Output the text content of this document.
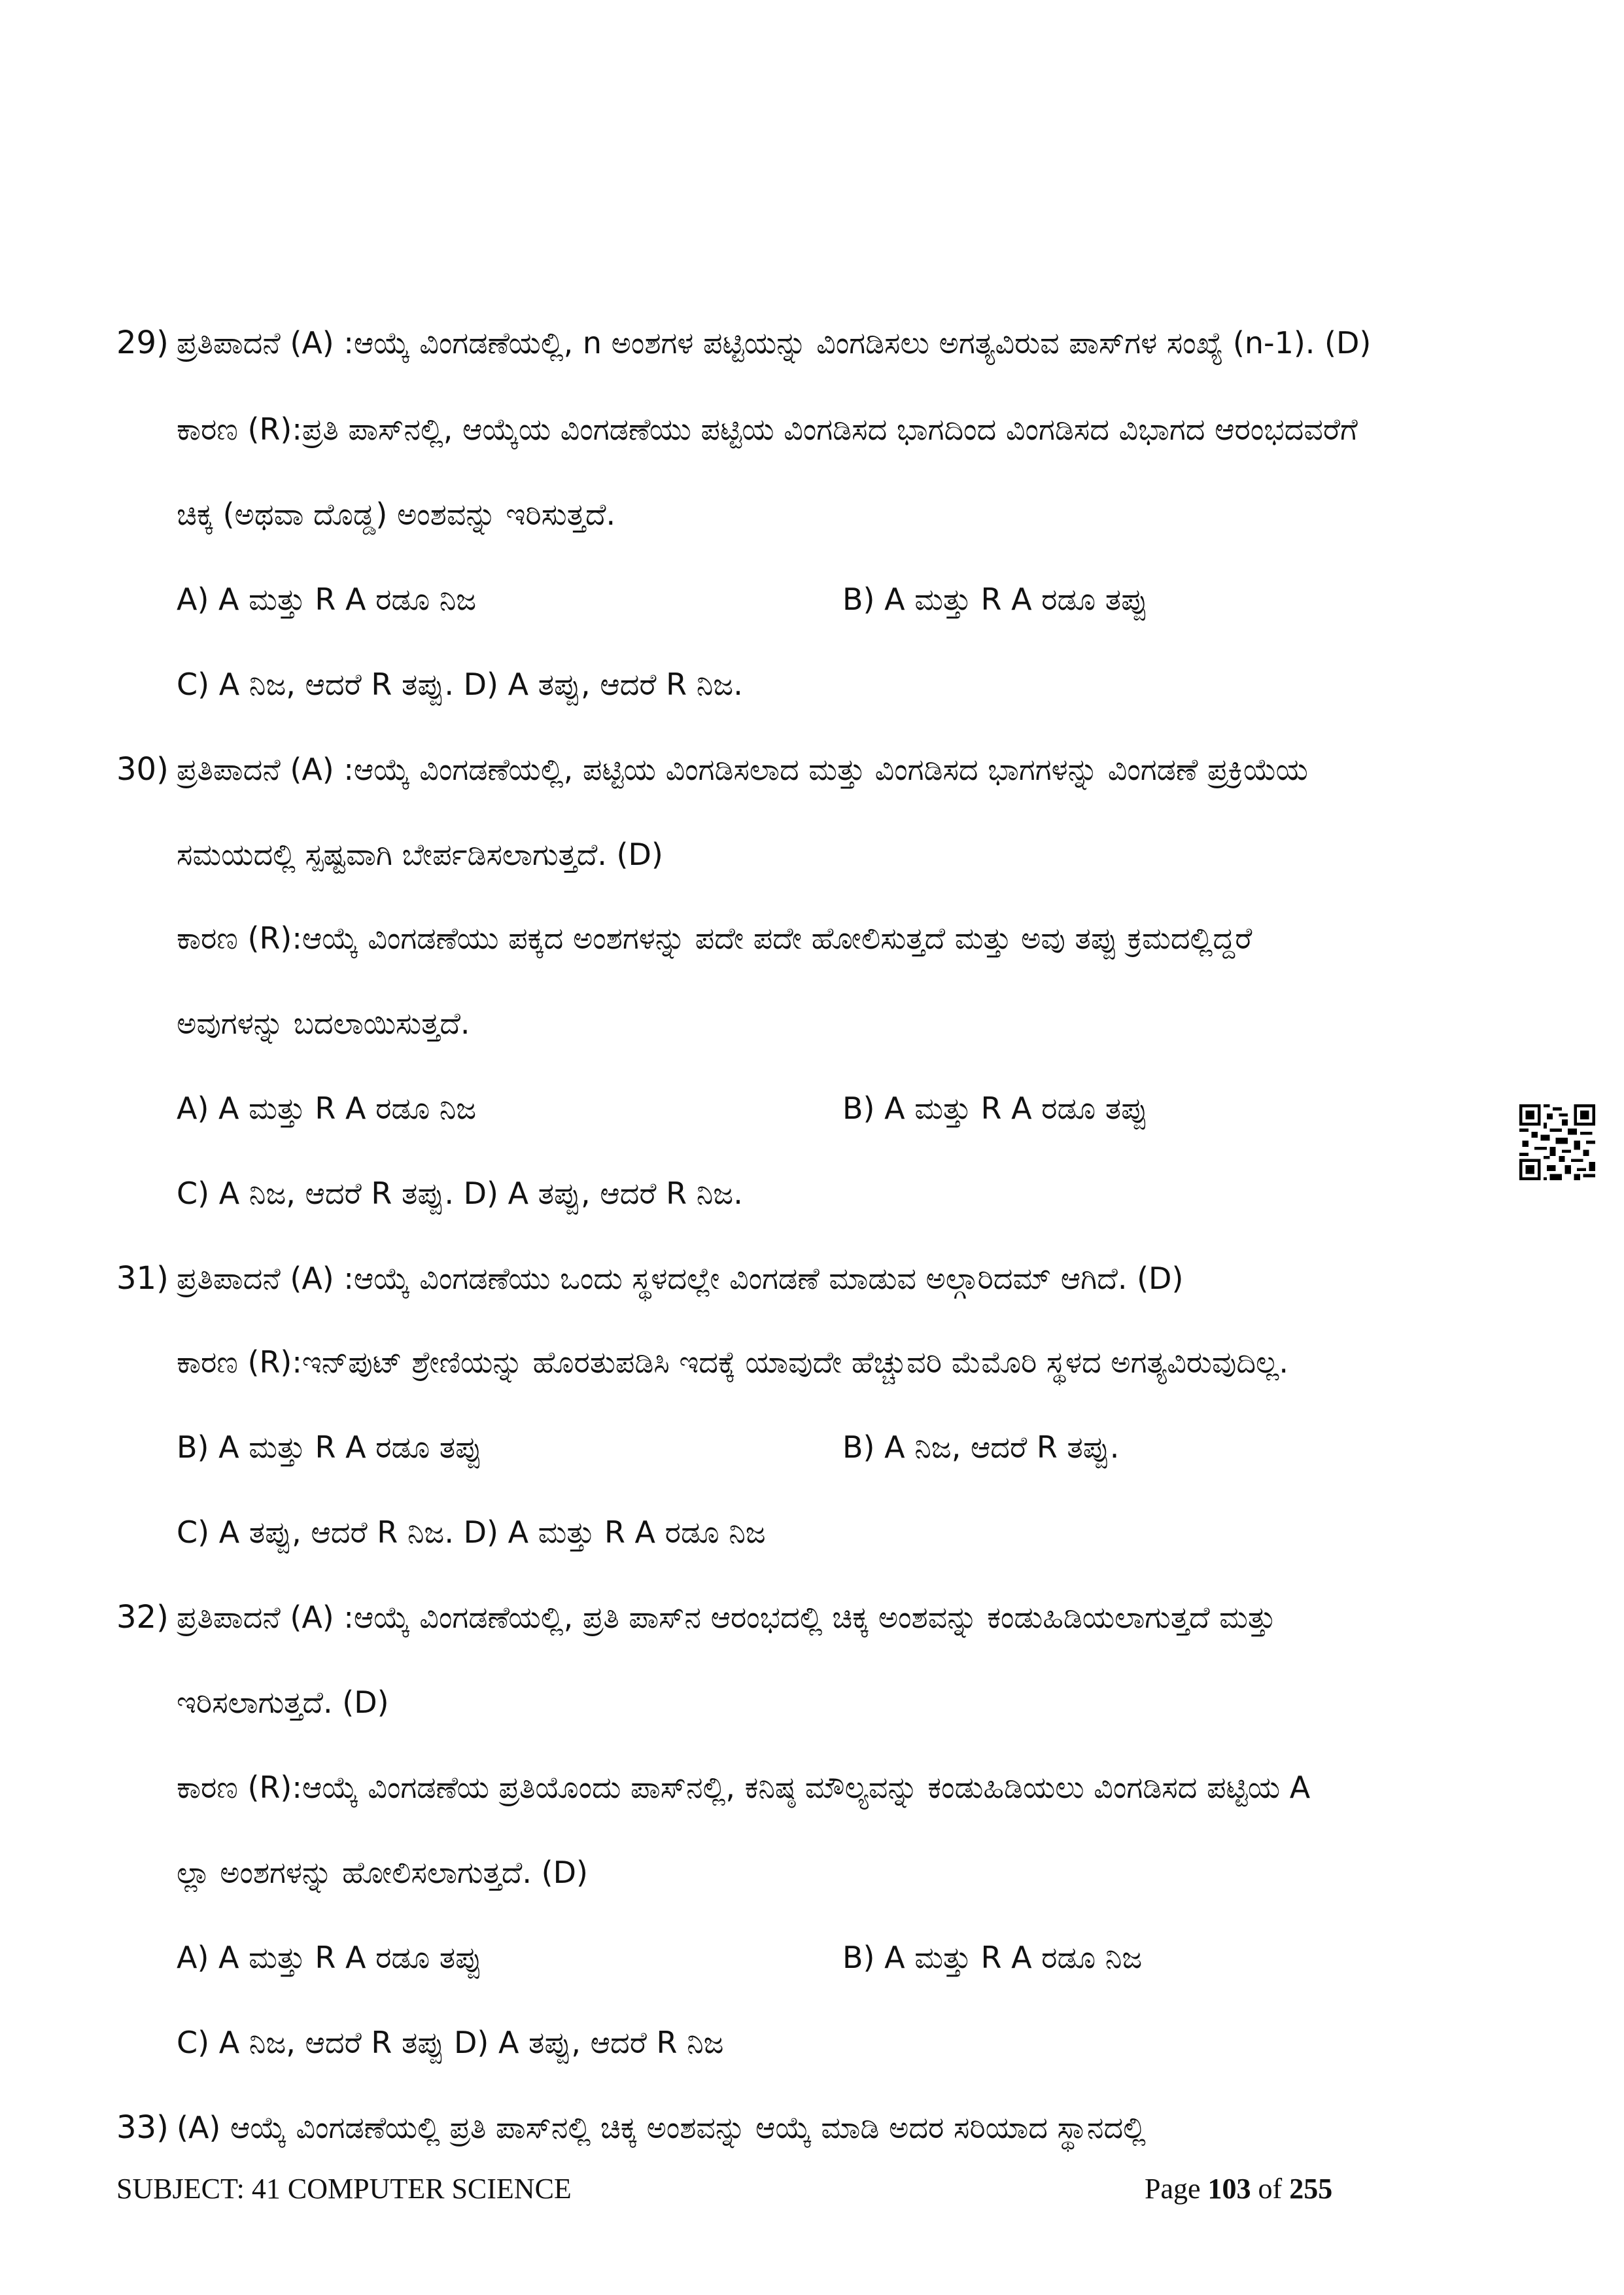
29) ಪ್ರತಿಪಾದನೆ (A) :ಆಯ್ಕೆ ವಿಂಗಡಣೆಯಲ್ಲಿ, n ಅಂಶಗಳ ಪಟ್ಟಿಯನ್ನು ವಿಂಗಡಿಸಲು ಅಗತ್ಯವಿರುವ ಪಾಸ್‌ಗಳ ಸಂಖ್ಯೆ (n-1). (D)
ಕಾರಣ (R):ಪ್ರತಿ ಪಾಸ್‌ನಲ್ಲಿ, ಆಯ್ಕೆಯ ವಿಂಗಡಣೆಯು ಪಟ್ಟಿಯ ವಿಂಗಡಿಸದ ಭಾಗದಿಂದ ವಿಂಗಡಿಸದ ವಿಭಾಗದ ಆರಂಭದವರೆಗೆ
ಚಿಕ್ಕ (ಅಥವಾ ದೊಡ್ಡ) ಅಂಶವನ್ನು ಇರಿಸುತ್ತದೆ.
A) A ಮತ್ತು R A ರಡೂ ನಿಜ	B) A ಮತ್ತು R A ರಡೂ ತಪ್ಪು
C) A ನಿಜ, ಆದರೆ R ತಪ್ಪು. D) A ತಪ್ಪು, ಆದರೆ R ನಿಜ.
30) ಪ್ರತಿಪಾದನೆ (A) :ಆಯ್ಕೆ ವಿಂಗಡಣೆಯಲ್ಲಿ, ಪಟ್ಟಿಯ ವಿಂಗಡಿಸಲಾದ ಮತ್ತು ವಿಂಗಡಿಸದ ಭಾಗಗಳನ್ನು ವಿಂಗಡಣೆ ಪ್ರಕ್ರಿಯೆಯ
ಸಮಯದಲ್ಲಿ ಸ್ಪಷ್ಟವಾಗಿ ಬೇರ್ಪಡಿಸಲಾಗುತ್ತದೆ. (D)
ಕಾರಣ (R):ಆಯ್ಕೆ ವಿಂಗಡಣೆಯು ಪಕ್ಕದ ಅಂಶಗಳನ್ನು ಪದೇ ಪದೇ ಹೋಲಿಸುತ್ತದೆ ಮತ್ತು ಅವು ತಪ್ಪು ಕ್ರಮದಲ್ಲಿದ್ದರೆ
ಅವುಗಳನ್ನು ಬದಲಾಯಿಸುತ್ತದೆ.
A) A ಮತ್ತು R A ರಡೂ ನಿಜ	B) A ಮತ್ತು R A ರಡೂ ತಪ್ಪು
C) A ನಿಜ, ಆದರೆ R ತಪ್ಪು. D) A ತಪ್ಪು, ಆದರೆ R ನಿಜ.
31) ಪ್ರತಿಪಾದನೆ (A) :ಆಯ್ಕೆ ವಿಂಗಡಣೆಯು ಒಂದು ಸ್ಥಳದಲ್ಲೇ ವಿಂಗಡಣೆ ಮಾಡುವ ಅಲ್ಗಾರಿದಮ್ ಆಗಿದೆ. (D)
ಕಾರಣ (R):ಇನ್‌ಪುಟ್ ಶ್ರೇಣಿಯನ್ನು ಹೊರತುಪಡಿಸಿ ಇದಕ್ಕೆ ಯಾವುದೇ ಹೆಚ್ಚುವರಿ ಮೆಮೊರಿ ಸ್ಥಳದ ಅಗತ್ಯವಿರುವುದಿಲ್ಲ.
B) A ಮತ್ತು R A ರಡೂ ತಪ್ಪು	B) A ನಿಜ, ಆದರೆ R ತಪ್ಪು.
C) A ತಪ್ಪು, ಆದರೆ R ನಿಜ. D) A ಮತ್ತು R A ರಡೂ ನಿಜ
32) ಪ್ರತಿಪಾದನೆ (A) :ಆಯ್ಕೆ ವಿಂಗಡಣೆಯಲ್ಲಿ, ಪ್ರತಿ ಪಾಸ್‌ನ ಆರಂಭದಲ್ಲಿ ಚಿಕ್ಕ ಅಂಶವನ್ನು ಕಂಡುಹಿಡಿಯಲಾಗುತ್ತದೆ ಮತ್ತು
ಇರಿಸಲಾಗುತ್ತದೆ. (D)
ಕಾರಣ (R):ಆಯ್ಕೆ ವಿಂಗಡಣೆಯ ಪ್ರತಿಯೊಂದು ಪಾಸ್‌ನಲ್ಲಿ, ಕನಿಷ್ಠ ಮೌಲ್ಯವನ್ನು ಕಂಡುಹಿಡಿಯಲು ವಿಂಗಡಿಸದ ಪಟ್ಟಿಯ A
ಲ್ಲಾ ಅಂಶಗಳನ್ನು ಹೋಲಿಸಲಾಗುತ್ತದೆ. (D)
A) A ಮತ್ತು R A ರಡೂ ತಪ್ಪು	B) A ಮತ್ತು R A ರಡೂ ನಿಜ
C) A ನಿಜ, ಆದರೆ R ತಪ್ಪು D) A ತಪ್ಪು, ಆದರೆ R ನಿಜ
33) (A) ಆಯ್ಕೆ ವಿಂಗಡಣೆಯಲ್ಲಿ ಪ್ರತಿ ಪಾಸ್‌ನಲ್ಲಿ ಚಿಕ್ಕ ಅಂಶವನ್ನು ಆಯ್ಕೆ ಮಾಡಿ ಅದರ ಸರಿಯಾದ ಸ್ಥಾನದಲ್ಲಿ
SUBJECT: 41 COMPUTER SCIENCE	Page 103 of 255
